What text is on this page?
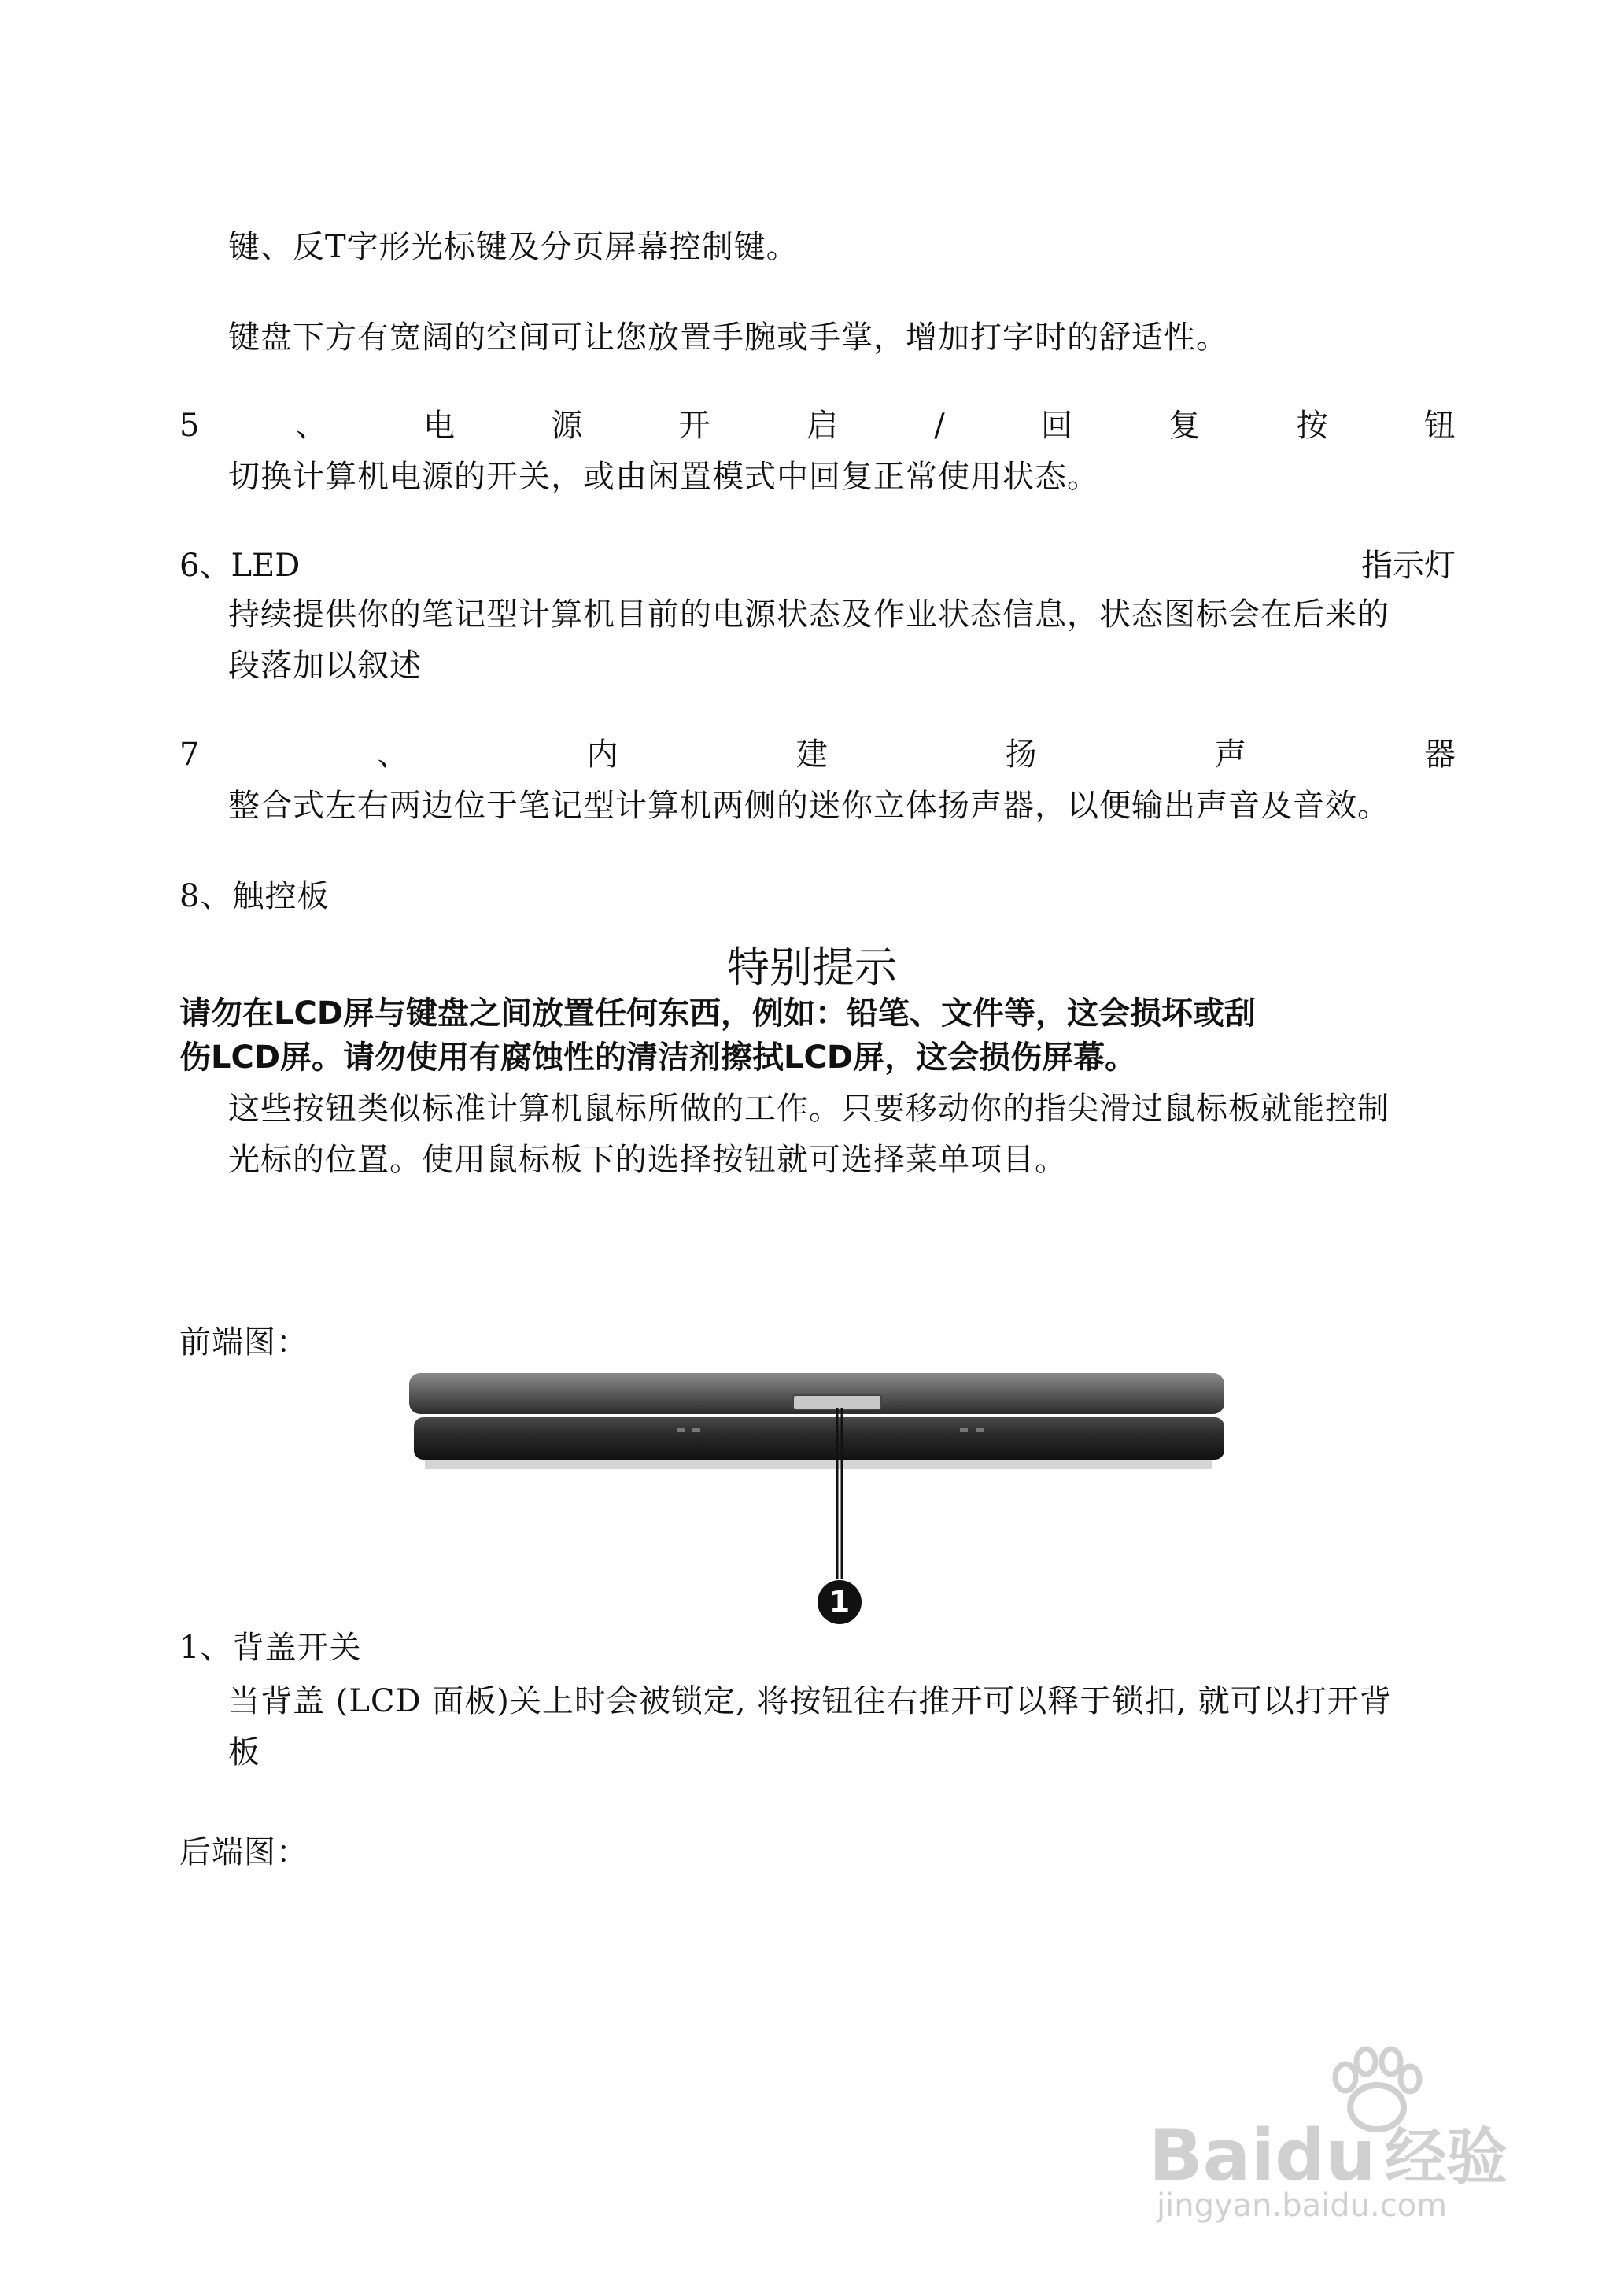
键、反T字形光标键及分页屏幕控制键。
键盘下方有宽阔的空间可让您放置手腕或手掌，增加打字时的舒适性。
5	、	电	源	开	启	/	回	复	按	钮
切换计算机电源的开关，或由闲置模式中回复正常使用状态。
6、LED	指示灯
持续提供你的笔记型计算机目前的电源状态及作业状态信息，状态图标会在后来的
段落加以叙述
7	、	内	建	扬	声	器
整合式左右两边位于笔记型计算机两侧的迷你立体扬声器，以便输出声音及音效。
8、触控板
特别提示
请勿在LCD屏与键盘之间放置任何东西，例如：铅笔、文件等，这会损坏或刮
伤LCD屏。请勿使用有腐蚀性的清洁剂擦拭LCD屏，这会损伤屏幕。
这些按钮类似标准计算机鼠标所做的工作。只要移动你的指尖滑过鼠标板就能控制
光标的位置。使用鼠标板下的选择按钮就可选择菜单项目。
前端图：
1
1、背盖开关
当背盖 (LCD 面板)关上时会被锁定, 将按钮往右推开可以释于锁扣, 就可以打开背
板
后端图：
Baidu 经验
jingyan.baidu.com
